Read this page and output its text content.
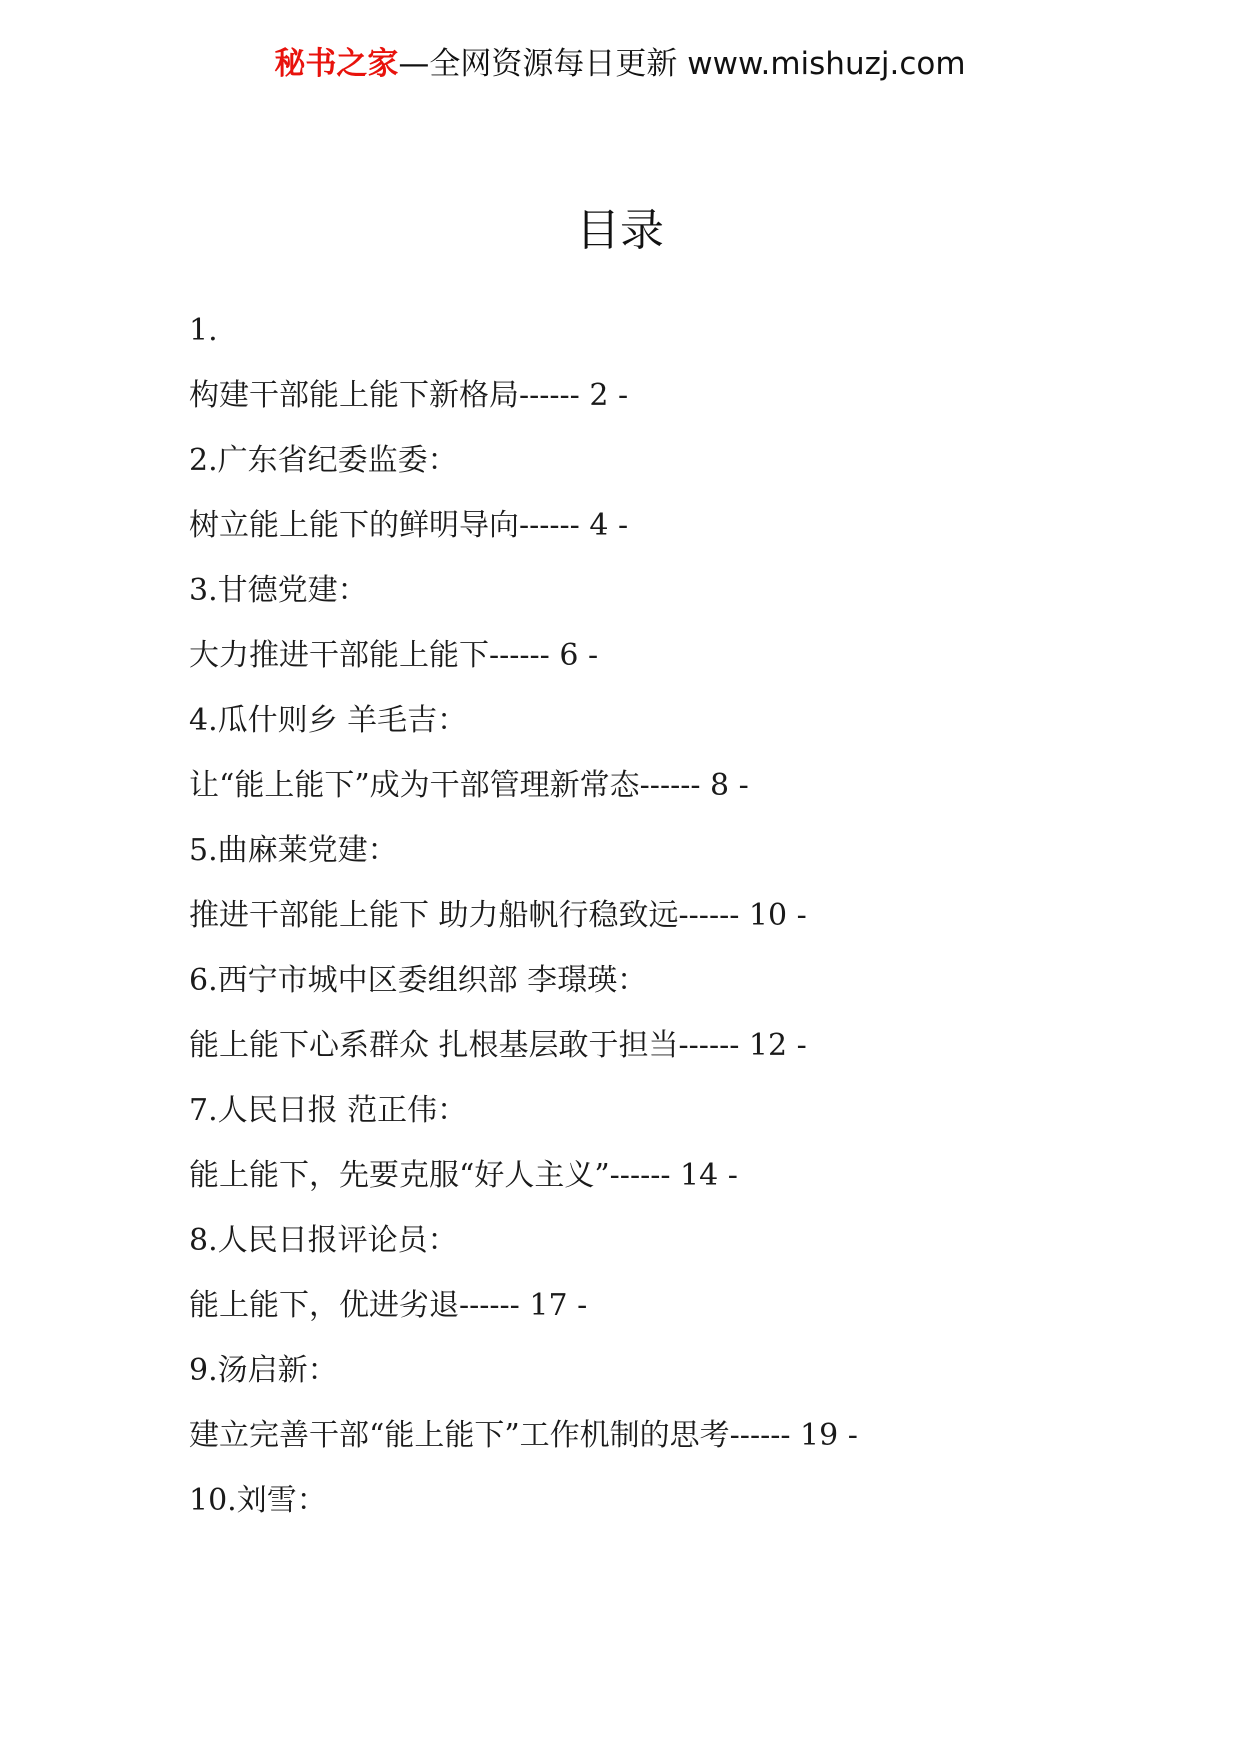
秘书之家—全网资源每日更新 www.mishuzj.com
目录
1.
构建干部能上能下新格局------ 2 -
2.广东省纪委监委：
树立能上能下的鲜明导向------ 4 -
3.甘德党建：
大力推进干部能上能下------ 6 -
4.瓜什则乡 羊毛吉：
让“能上能下”成为干部管理新常态------ 8 -
5.曲麻莱党建：
推进干部能上能下 助力船帆行稳致远------ 10 -
6.西宁市城中区委组织部 李璟瑛：
能上能下心系群众 扎根基层敢于担当------ 12 -
7.人民日报 范正伟：
能上能下，先要克服“好人主义”------ 14 -
8.人民日报评论员：
能上能下，优进劣退------ 17 -
9.汤启新：
建立完善干部“能上能下”工作机制的思考------ 19 -
10.刘雪：
